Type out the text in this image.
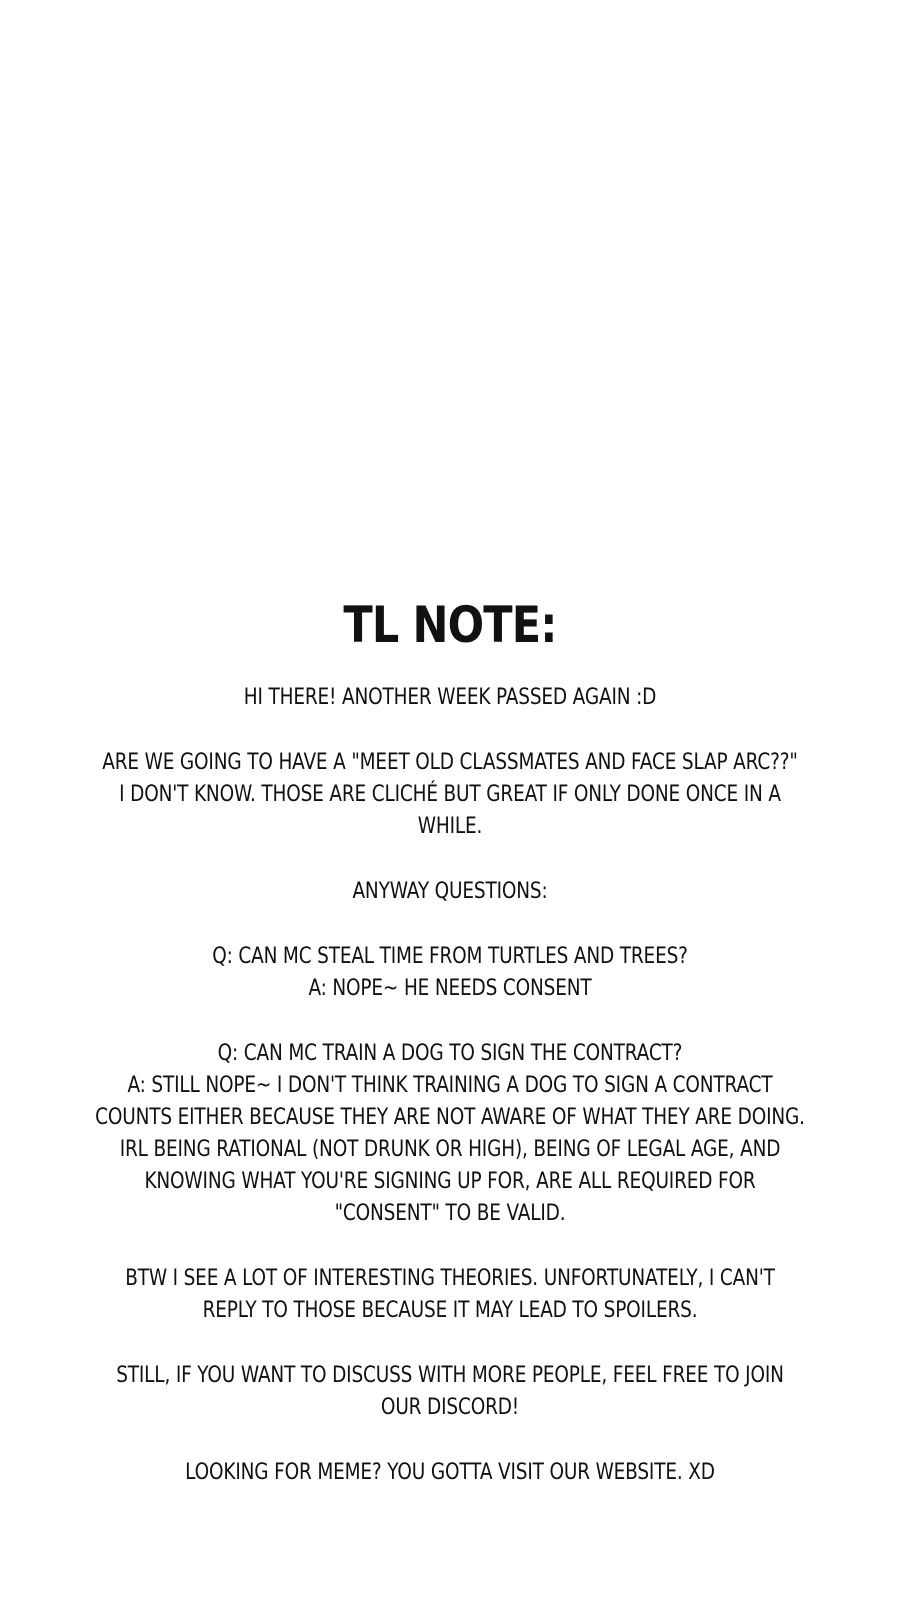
TL NOTE:

HI THERE! ANOTHER WEEK PASSED AGAIN :D

ARE WE GOING TO HAVE A "MEET OLD CLASSMATES AND FACE SLAP ARC??"
I DON'T KNOW. THOSE ARE CLICHÉ BUT GREAT IF ONLY DONE ONCE IN A
WHILE.

ANYWAY QUESTIONS:

Q: CAN MC STEAL TIME FROM TURTLES AND TREES?
A: NOPE~ HE NEEDS CONSENT

Q: CAN MC TRAIN A DOG TO SIGN THE CONTRACT?
A: STILL NOPE~ I DON'T THINK TRAINING A DOG TO SIGN A CONTRACT
COUNTS EITHER BECAUSE THEY ARE NOT AWARE OF WHAT THEY ARE DOING.
IRL BEING RATIONAL (NOT DRUNK OR HIGH), BEING OF LEGAL AGE, AND
KNOWING WHAT YOU'RE SIGNING UP FOR, ARE ALL REQUIRED FOR
"CONSENT" TO BE VALID.

BTW I SEE A LOT OF INTERESTING THEORIES. UNFORTUNATELY, I CAN'T
REPLY TO THOSE BECAUSE IT MAY LEAD TO SPOILERS.

STILL, IF YOU WANT TO DISCUSS WITH MORE PEOPLE, FEEL FREE TO JOIN
OUR DISCORD!

LOOKING FOR MEME? YOU GOTTA VISIT OUR WEBSITE. XD
